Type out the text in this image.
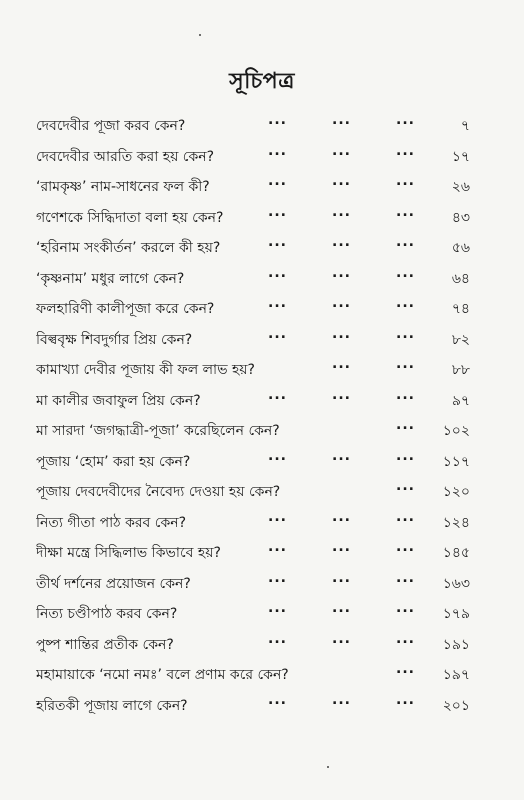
সূচিপত্র
দেবদেবীর পূজা করব কেন?	...	...	...	৭
দেবদেবীর আরতি করা হয় কেন?	...	...	...	১৭
‘রামকৃষ্ণ’ নাম-সাধনের ফল কী?	...	...	...	২৬
গণেশকে সিদ্ধিদাতা বলা হয় কেন?	...	...	...	৪৩
‘হরিনাম সংকীর্তন’ করলে কী হয়?	...	...	...	৫৬
‘কৃষ্ণনাম’ মধুর লাগে কেন?	...	...	...	৬৪
ফলহারিণী কালীপূজা করে কেন?	...	...	...	৭৪
বিল্ববৃক্ষ শিবদুর্গার প্রিয় কেন?	...	...	...	৮২
কামাখ্যা দেবীর পূজায় কী ফল লাভ হয়?	...	...	৮৮
মা কালীর জবাফুল প্রিয় কেন?	...	...	...	৯৭
মা সারদা ‘জগদ্ধাত্রী-পূজা’ করেছিলেন কেন?	... ১০২
পূজায় ‘হোম’ করা হয় কেন?	...	...	... ১১৭
পূজায় দেবদেবীদের নৈবেদ্য দেওয়া হয় কেন?	... ১২০
নিত্য গীতা পাঠ করব কেন?	...	...	... ১২৪
দীক্ষা মন্ত্রে সিদ্ধিলাভ কিভাবে হয়?	...	...	... ১৪৫
তীর্থ দর্শনের প্রয়োজন কেন?	...	...	... ১৬৩
নিত্য চণ্ডীপাঠ করব কেন?	...	...	... ১৭৯
পুষ্প শান্তির প্রতীক কেন?	...	...	... ১৯১
মহামায়াকে ‘নমো নমঃ’ বলে প্রণাম করে কেন?	... ১৯৭
হরিতকী পূজায় লাগে কেন?	...	...	... ২০১
